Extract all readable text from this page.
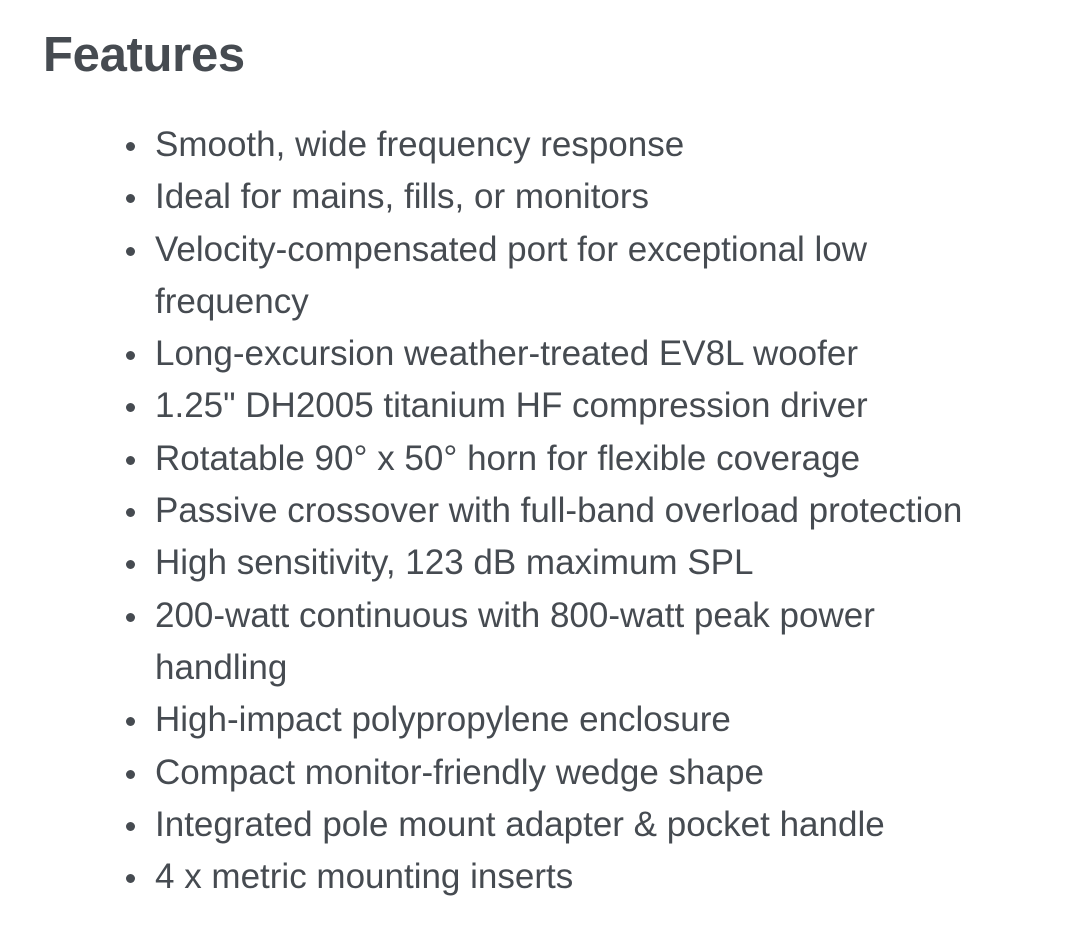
Features
Smooth, wide frequency response
Ideal for mains, fills, or monitors
Velocity-compensated port for exceptional low frequency
Long-excursion weather-treated EV8L woofer
1.25" DH2005 titanium HF compression driver
Rotatable 90° x 50° horn for flexible coverage
Passive crossover with full-band overload protection
High sensitivity, 123 dB maximum SPL
200-watt continuous with 800-watt peak power handling
High-impact polypropylene enclosure
Compact monitor-friendly wedge shape
Integrated pole mount adapter & pocket handle
4 x metric mounting inserts
